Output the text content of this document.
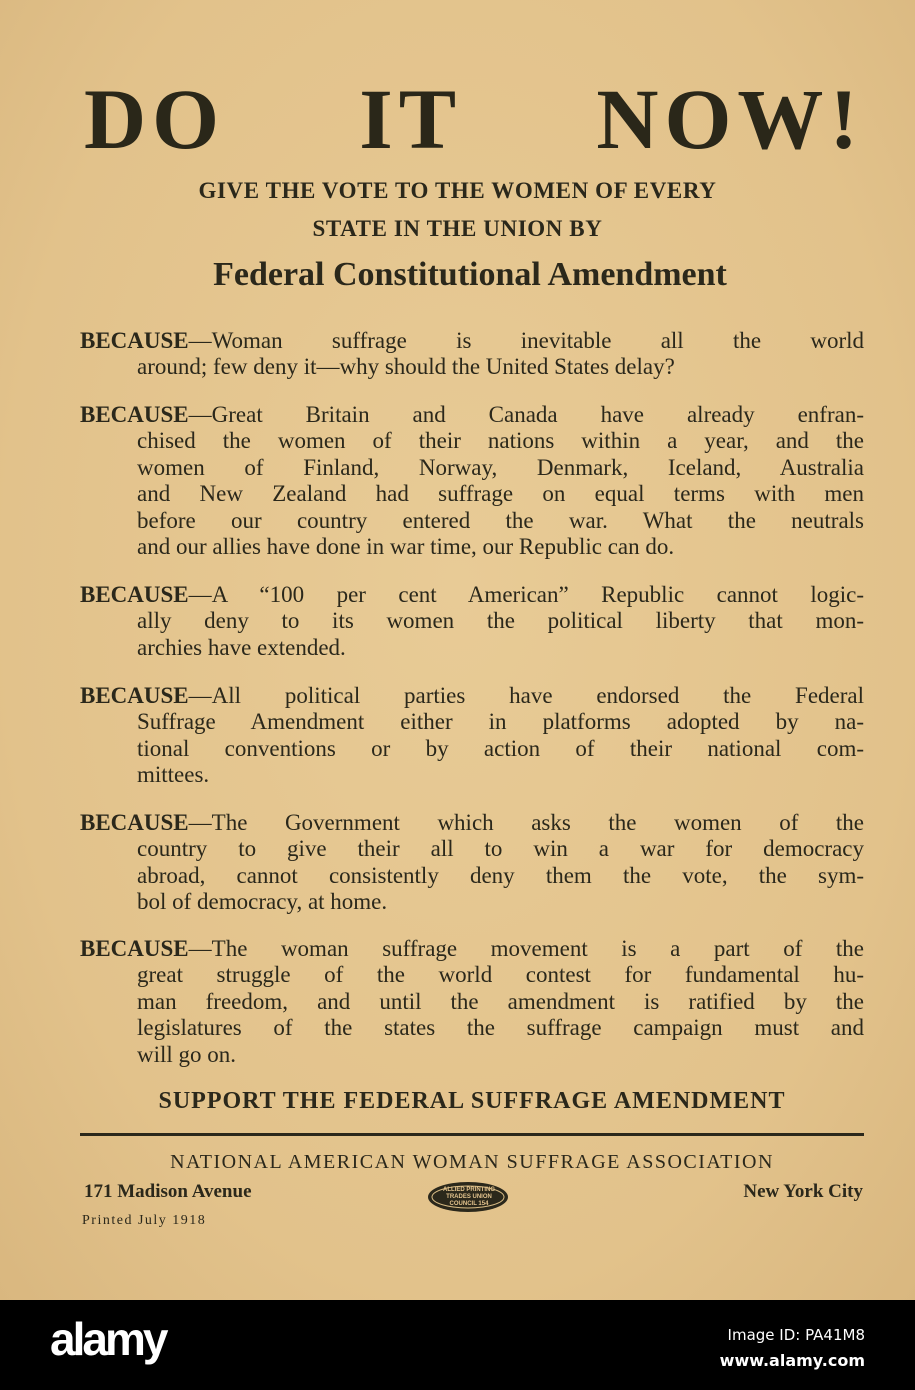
DO IT NOW!
GIVE THE VOTE TO THE WOMEN OF EVERY
STATE IN THE UNION BY
Federal Constitutional Amendment
BECAUSE—Woman suffrage is inevitable all the world
around; few deny it—why should the United States delay?
BECAUSE—Great Britain and Canada have already enfran-
chised the women of their nations within a year, and the
women of Finland, Norway, Denmark, Iceland, Australia
and New Zealand had suffrage on equal terms with men
before our country entered the war. What the neutrals
and our allies have done in war time, our Republic can do.
BECAUSE—A “100 per cent American” Republic cannot logic-
ally deny to its women the political liberty that mon-
archies have extended.
BECAUSE—All political parties have endorsed the Federal
Suffrage Amendment either in platforms adopted by na-
tional conventions or by action of their national com-
mittees.
BECAUSE—The Government which asks the women of the
country to give their all to win a war for democracy
abroad, cannot consistently deny them the vote, the sym-
bol of democracy, at home.
BECAUSE—The woman suffrage movement is a part of the
great struggle of the world contest for fundamental hu-
man freedom, and until the amendment is ratified by the
legislatures of the states the suffrage campaign must and
will go on.
SUPPORT THE FEDERAL SUFFRAGE AMENDMENT
NATIONAL AMERICAN WOMAN SUFFRAGE ASSOCIATION
171 Madison Avenue	New York City
Printed July 1918
ALLIED PRINTING TRADES UNION COUNCIL 154
alamy	Image ID: PA41M8
www.alamy.com
